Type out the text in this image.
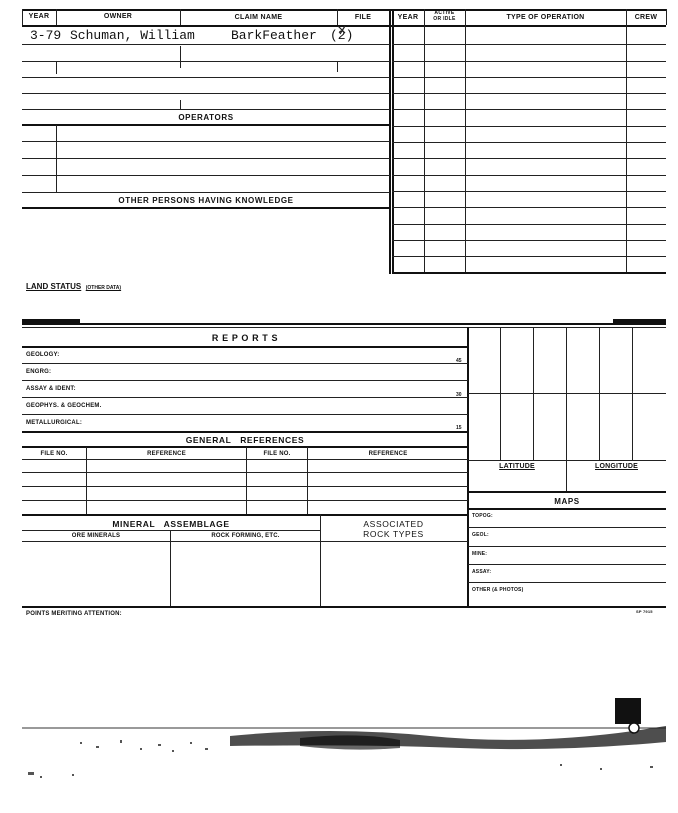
YEAR	OWNER	CLAIM NAME	FILE	YEAR
ACTIVE
OR IDLE	TYPE OF OPERATION	CREW
3-79 Schuman, William	BarkFeather (2)
OPERATORS
OTHER PERSONS HAVING KNOWLEDGE
LAND STATUS (OTHER DATA)
R E P O R T S
GEOLOGY:
45
ENGRG:
ASSAY & IDENT:
30
GEOPHYS. & GEOCHEM.
METALLURGICAL:
15
GENERAL   REFERENCES
FILE NO.	REFERENCE	FILE NO.	REFERENCE
MINERAL   ASSEMBLAGE
ORE MINERALS	ROCK FORMING, ETC.
ASSOCIATED
ROCK TYPES
LATITUDE	LONGITUDE
MAPS
TOPOG:
GEOL:
MINE:
ASSAY:
OTHER (& PHOTOS)
POINTS MERITING ATTENTION:	SP 7915
